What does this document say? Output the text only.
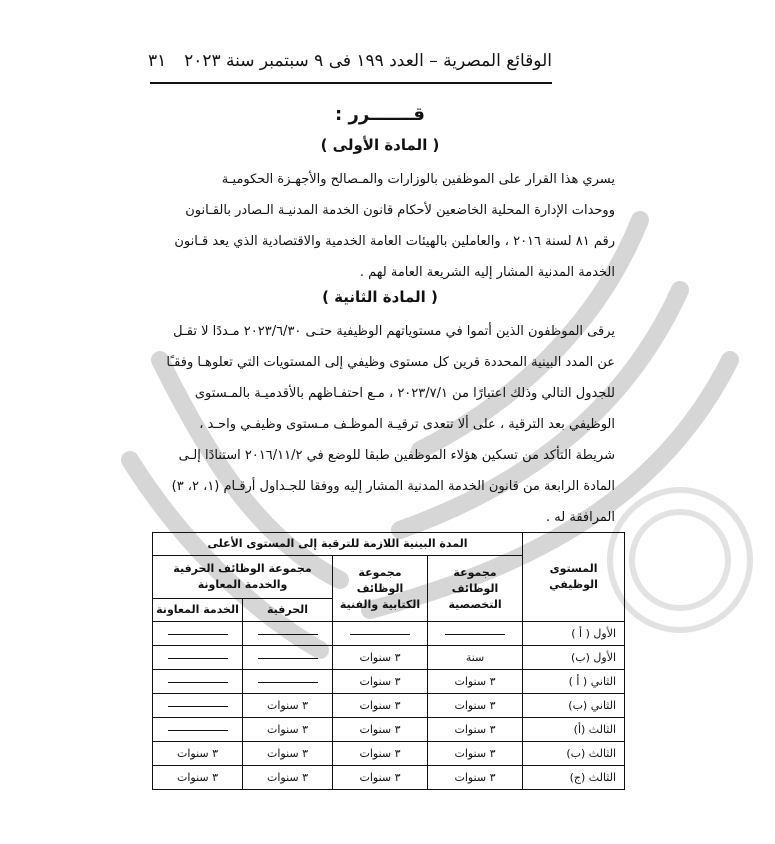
الوقائع المصرية – العدد ١٩٩ فى ٩ سبتمبر سنة ٢٠٢٣
٣١
قـــــــرر :
( المادة الأولى )
يسري هذا القرار على الموظفين بالوزارات والمـصالح والأجهـزة الحكوميـة
ووحدات الإدارة المحلية الخاضعين لأحكام قانون الخدمة المدنيـة الـصادر بالقـانون
رقم ٨١ لسنة ٢٠١٦ ، والعاملين بالهيئات العامة الخدمية والاقتصادية الذي يعد قـانون
الخدمة المدنية المشار إليه الشريعة العامة لهم .
( المادة الثانية )
يرقى الموظفون الذين أتموا في مستوياتهم الوظيفية حتـى ٢٠٢٣/٦/٣٠ مـددًا لا تقـل
عن المدد البينية المحددة قرين كل مستوى وظيفي إلى المستويات التي تعلوهـا وفقـًا
للجدول التالي وذلك اعتبارًا من ٢٠٢٣/٧/١ ، مـع احتفـاظهم بالأقدميـة بالمـستوى
الوظيفي بعد الترقية ، على ألا تتعدى ترقيـة الموظـف مـستوى وظيفـي واحـد ،
شريطة التأكد من تسكين هؤلاء الموظفين طبقا للوضع في ٢٠١٦/١١/٢ استنادًا إلـى
المادة الرابعة من قانون الخدمة المدنية المشار إليه ووفقا للجـداول أرقـام (١، ٢، ٣)
المرافقة له .
المستوى الوظيفي	المدة البينية اللازمة للترقية إلى المستوى الأعلى			
	مجموعة الوظائف التخصصية	مجموعة الوظائف الكتابية والفنية	مجموعة الوظائف الحرفية والخدمة المعاونة	
			الحرفية	الخدمة المعاونة
الأول ( أ )				
الأول (ب)	سنة	٣ سنوات		
الثاني ( أ )	٣ سنوات	٣ سنوات		
الثاني (ب)	٣ سنوات	٣ سنوات	٣ سنوات	
الثالث (أ)	٣ سنوات	٣ سنوات	٣ سنوات	
الثالث (ب)	٣ سنوات	٣ سنوات	٣ سنوات	٣ سنوات
الثالث (ج)	٣ سنوات	٣ سنوات	٣ سنوات	٣ سنوات
